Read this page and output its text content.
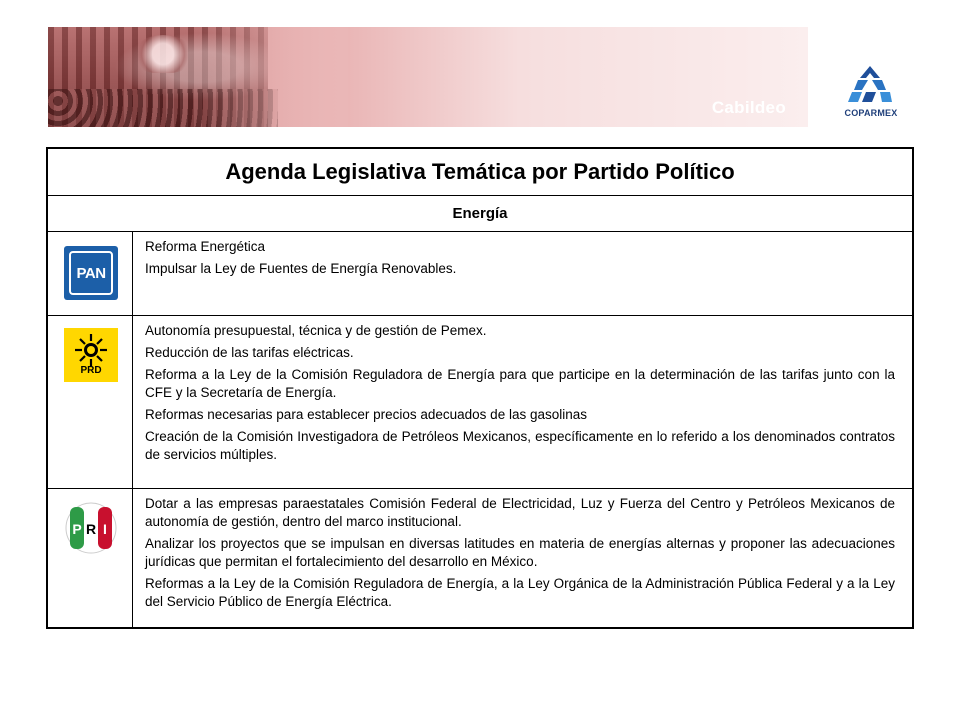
Cabildeo	COPARMEX
Agenda Legislativa Temática por Partido Político
Energía
PAN

Reforma Energética

Impulsar la Ley de Fuentes de Energía Renovables.

PRD

Autonomía presupuestal, técnica y de gestión de Pemex.

Reducción de las tarifas eléctricas.

Reforma a la Ley de la Comisión Reguladora de Energía para que participe en la determinación de las tarifas junto con la CFE y la Secretaría de Energía.

Reformas necesarias para establecer precios adecuados de las gasolinas

Creación de la Comisión Investigadora de Petróleos Mexicanos, específicamente en lo referido a los denominados contratos de servicios múltiples.

P R I

Dotar a las empresas paraestatales Comisión Federal de Electricidad, Luz y Fuerza del Centro y Petróleos Mexicanos de autonomía de gestión, dentro del marco institucional.

Analizar los proyectos que se impulsan en diversas latitudes en materia de energías alternas y proponer las adecuaciones jurídicas que permitan el fortalecimiento del desarrollo en México.

Reformas a la Ley de la Comisión Reguladora de Energía, a la Ley Orgánica de la Administración Pública Federal y a la Ley del Servicio Público de Energía Eléctrica.
